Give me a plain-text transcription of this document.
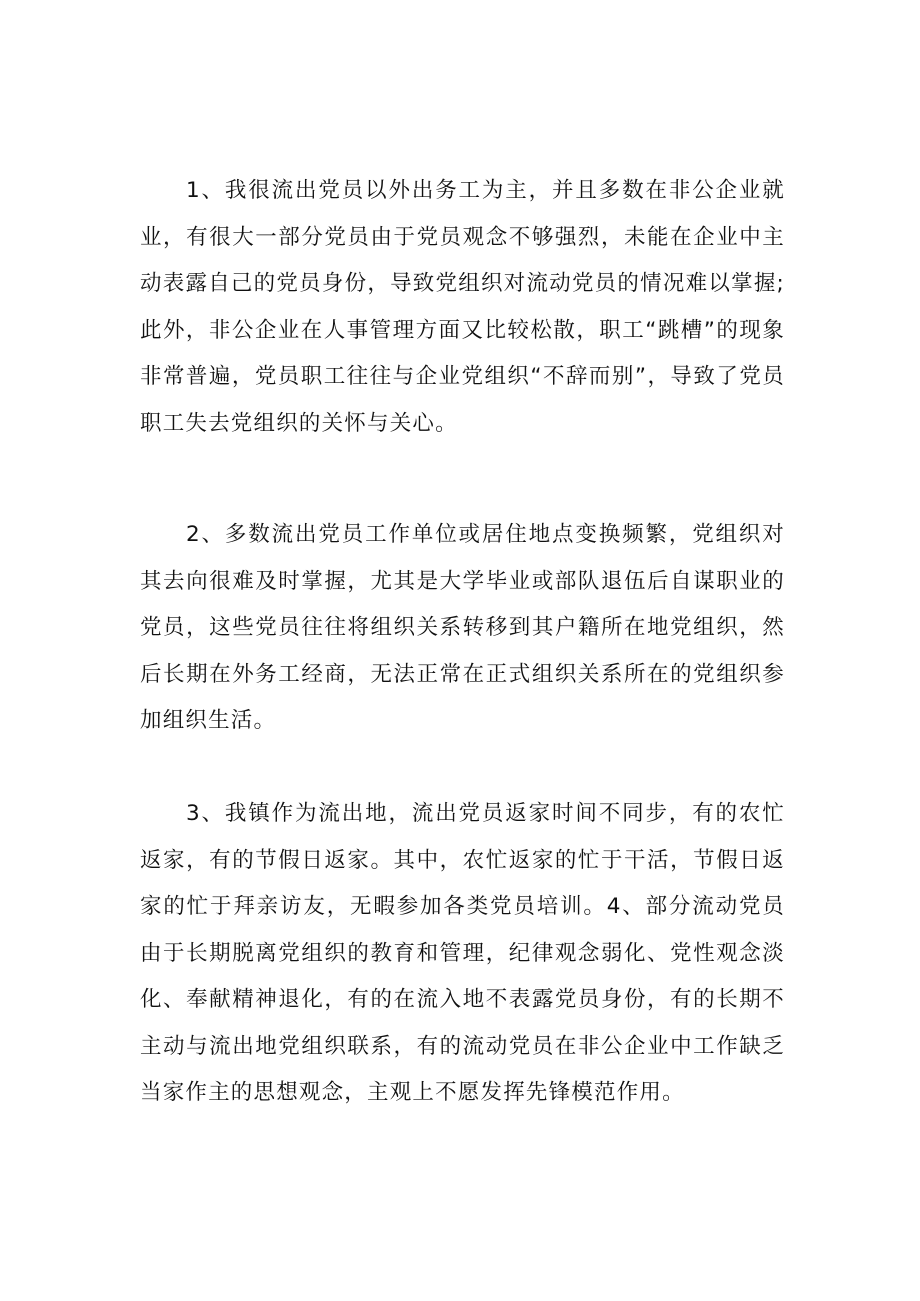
1、我很流出党员以外出务工为主，并且多数在非公企业就业，有很大一部分党员由于党员观念不够强烈，未能在企业中主动表露自己的党员身份，导致党组织对流动党员的情况难以掌握;此外，非公企业在人事管理方面又比较松散，职工“跳槽”的现象非常普遍，党员职工往往与企业党组织“不辞而别”，导致了党员职工失去党组织的关怀与关心。

2、多数流出党员工作单位或居住地点变换频繁，党组织对其去向很难及时掌握，尤其是大学毕业或部队退伍后自谋职业的党员，这些党员往往将组织关系转移到其户籍所在地党组织，然后长期在外务工经商，无法正常在正式组织关系所在的党组织参加组织生活。

3、我镇作为流出地，流出党员返家时间不同步，有的农忙返家，有的节假日返家。其中，农忙返家的忙于干活，节假日返家的忙于拜亲访友，无暇参加各类党员培训。4、部分流动党员由于长期脱离党组织的教育和管理，纪律观念弱化、党性观念淡化、奉献精神退化，有的在流入地不表露党员身份，有的长期不主动与流出地党组织联系，有的流动党员在非公企业中工作缺乏当家作主的思想观念，主观上不愿发挥先锋模范作用。
